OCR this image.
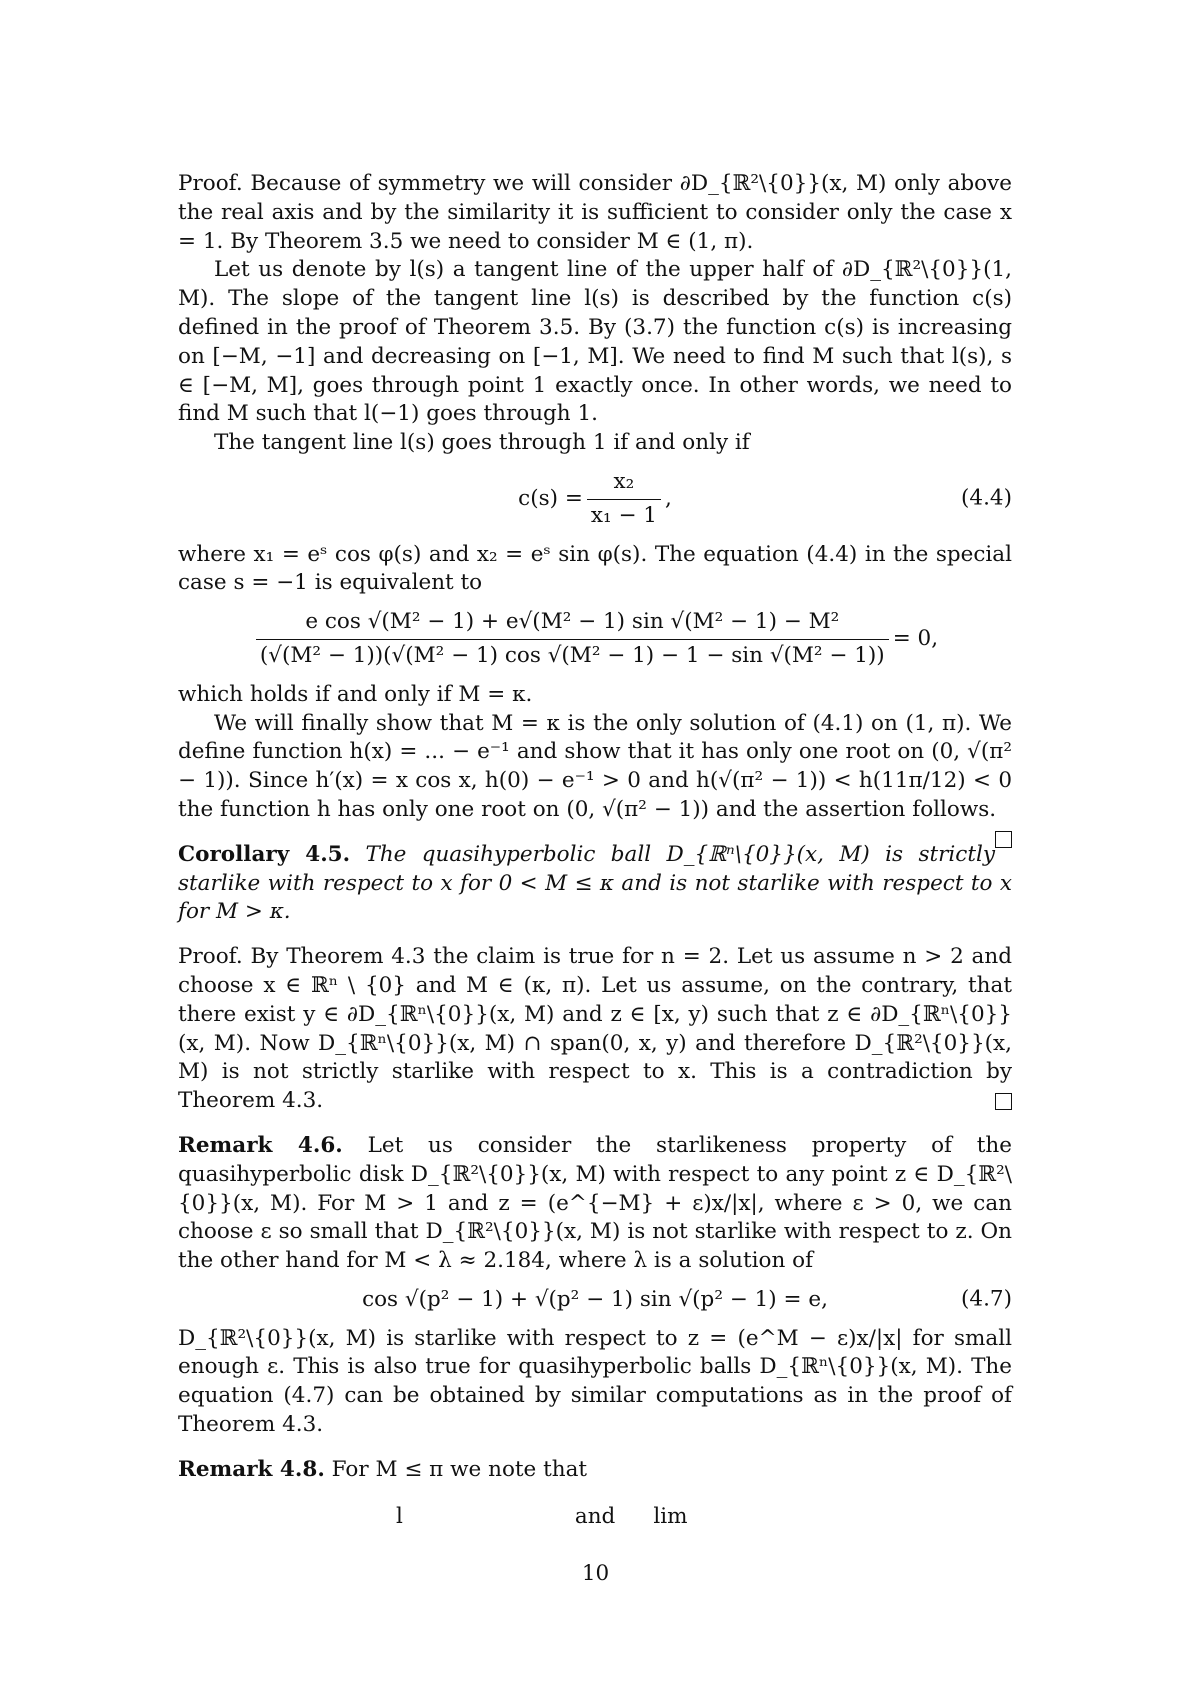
Proof. Because of symmetry we will consider ∂D_{ℝ²\{0}}(x, M) only above the real axis and by the similarity it is sufficient to consider only the case x = 1. By Theorem 3.5 we need to consider M ∈ (1, π).

Let us denote by l(s) a tangent line of the upper half of ∂D_{ℝ²\{0}}(1, M). The slope of the tangent line l(s) is described by the function c(s) defined in the proof of Theorem 3.5. By (3.7) the function c(s) is increasing on [−M, −1] and decreasing on [−1, M]. We need to find M such that l(s), s ∈ [−M, M], goes through point 1 exactly once. In other words, we need to find M such that l(−1) goes through 1.

The tangent line l(s) goes through 1 if and only if

$c(s) = \frac{\text{x₂}}{\text{x₁ − 1}}$ ,	(4.4)

where x₁ = eˢ cos φ(s) and x₂ = eˢ sin φ(s). The equation (4.4) in the special case s = −1 is equivalent to

$\frac{\text{e cos √(M² − 1) + e√(M² − 1) sin √(M² − 1) − M²}}{\text{(√(M² − 1))(√(M² − 1) cos √(M² − 1) − 1 − sin √(M² − 1))}} = 0$,

which holds if and only if M = κ.

We will finally show that M = κ is the only solution of (4.1) on (1, π). We define function h(x) = ... − e⁻¹ and show that it has only one root on (0, √(π² − 1)). Since h′(x) = x cos x, h(0) − e⁻¹ > 0 and h(√(π² − 1)) < h(11π/12) < 0 the function h has only one root on (0, √(π² − 1)) and the assertion follows.

Corollary 4.5. The quasihyperbolic ball D_{ℝⁿ\{0}}(x, M) is strictly starlike with respect to x for 0 < M ≤ κ and is not starlike with respect to x for M > κ.

Proof. By Theorem 4.3 the claim is true for n = 2. Let us assume n > 2 and choose x ∈ ℝⁿ \ {0} and M ∈ (κ, π). Let us assume, on the contrary, that there exist y ∈ ∂D_{ℝⁿ\{0}}(x, M) and z ∈ [x, y) such that z ∈ ∂D_{ℝⁿ\{0}}(x, M). Now D_{ℝⁿ\{0}}(x, M) ∩ span(0, x, y) and therefore D_{ℝ²\{0}}(x, M) is not strictly starlike with respect to x. This is a contradiction by Theorem 4.3.

Remark 4.6. Let us consider the starlikeness property of the quasihyperbolic disk D_{ℝ²\{0}}(x, M) with respect to any point z ∈ D_{ℝ²\{0}}(x, M). For M > 1 and z = (e^{−M} + ε)x/|x|, where ε > 0, we can choose ε so small that D_{ℝ²\{0}}(x, M) is not starlike with respect to z. On the other hand for M < λ ≈ 2.184, where λ is a solution of

cos √(p² − 1) + √(p² − 1) sin √(p² − 1) = e ,	(4.7)

D_{ℝ²\{0}}(x, M) is starlike with respect to z = (e^M − ε)x/|x| for small enough ε. This is also true for quasihyperbolic balls D_{ℝⁿ\{0}}(x, M). The equation (4.7) can be obtained by similar computations as in the proof of Theorem 4.3.

Remark 4.8. For M ≤ π we note that

l	and lim
10
